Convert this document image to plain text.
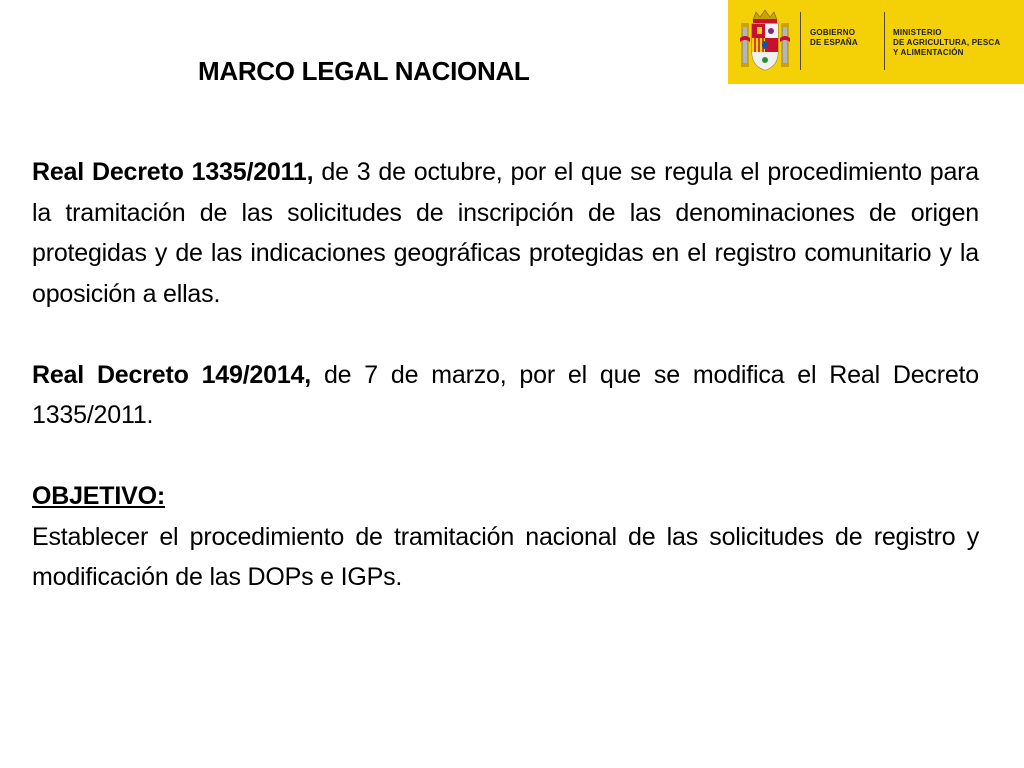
MARCO LEGAL NACIONAL
GOBIERNO
DE ESPAÑA
MINISTERIO
DE AGRICULTURA, PESCA
Y ALIMENTACIÓN

Real Decreto 1335/2011, de 3 de octubre, por el que se regula el procedimiento para la tramitación de las solicitudes de inscripción de las denominaciones de origen protegidas y de las indicaciones geográficas protegidas en el registro comunitario y la oposición a ellas.

Real Decreto 149/2014, de 7 de marzo, por el que se modifica el Real Decreto 1335/2011.

OBJETIVO:

Establecer el procedimiento de tramitación nacional de las solicitudes de registro y modificación de las DOPs e IGPs.
